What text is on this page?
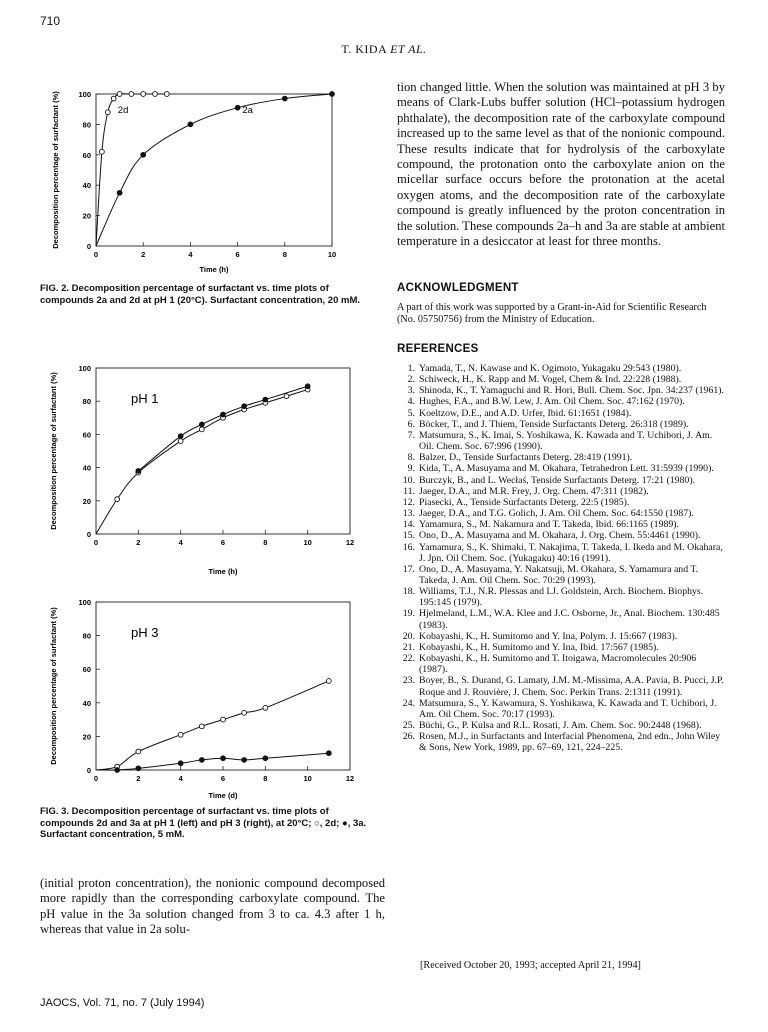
710
T. KIDA ET AL.
0	2	4	6	8	10
0
20
40
60
80
100
Time (h)
Decomposition percentage of surfactant (%)	2d	2a
FIG. 2. Decomposition percentage of surfactant vs. time plots of compounds 2a and 2d at pH 1 (20°C). Surfactant concentration, 20 mM.
0	2	4	6	8	10	12
0
20
40
60
80
100
Time (h)
Decomposition percentage of surfactant (%)	pH 1
0	2	4	6	8	10	12
0
20
40
60
80
100
Time (d)
Decomposition percentage of surfactant (%)	pH 3
FIG. 3. Decomposition percentage of surfactant vs. time plots of compounds 2d and 3a at pH 1 (left) and pH 3 (right), at 20°C; ○, 2d; ●, 3a. Surfactant concentration, 5 mM.
(initial proton concentration), the nonionic compound decomposed more rapidly than the corresponding carboxylate compound. The pH value in the 3a solution changed from 3 to ca. 4.3 after 1 h, whereas that value in 2a solu-
tion changed little. When the solution was maintained at pH 3 by means of Clark-Lubs buffer solution (HCl–potassium hydrogen phthalate), the decomposition rate of the carboxylate compound increased up to the same level as that of the nonionic compound. These results indicate that for hydrolysis of the carboxylate compound, the protonation onto the carboxylate anion on the micellar surface occurs before the protonation at the acetal oxygen atoms, and the decomposition rate of the carboxylate compound is greatly influenced by the proton concentration in the solution. These compounds 2a–h and 3a are stable at ambient temperature in a desiccator at least for three months.
ACKNOWLEDGMENT
A part of this work was supported by a Grant-in-Aid for Scientific Research (No. 05750756) from the Ministry of Education.
REFERENCES
1. Yamada, T., N. Kawase and K. Ogimoto, Yukagaku 29:543 (1980).
2. Schiweck, H., K. Rapp and M. Vogel, Chem & Ind. 22:228 (1988).
3. Shinoda, K., T. Yamaguchi and R. Hori, Bull. Chem. Soc. Jpn. 34:237 (1961).
4. Hughes, F.A., and B.W. Lew, J. Am. Oil Chem. Soc. 47:162 (1970).
5. Koeltzow, D.E., and A.D. Urfer, Ibid. 61:1651 (1984).
6. Böcker, T., and J. Thiem, Tenside Surfactants Deterg. 26:318 (1989).
7. Matsumura, S., K. Imai, S. Yoshikawa, K. Kawada and T. Uchibori, J. Am. Oil. Chem. Soc. 67:996 (1990).
8. Balzer, D., Tenside Surfactants Deterg. 28:419 (1991).
9. Kida, T., A. Masuyama and M. Okahara, Tetrahedron Lett. 31:5939 (1990).
10. Burczyk, B., and L. Wecłaś, Tenside Surfactants Deterg. 17:21 (1980).
11. Jaeger, D.A., and M.R. Frey, J. Org. Chem. 47:311 (1982).
12. Piasecki, A., Tenside Surfactants Deterg. 22:5 (1985).
13. Jaeger, D.A., and T.G. Golich, J. Am. Oil Chem. Soc. 64:1550 (1987).
14. Yamamura, S., M. Nakamura and T. Takeda, Ibid. 66:1165 (1989).
15. Ono, D., A. Masuyama and M. Okahara, J. Org. Chem. 55:4461 (1990).
16. Yamamura, S., K. Shimaki, T. Nakajima, T. Takeda, I. Ikeda and M. Okahara, J. Jpn. Oil Chem. Soc. (Yukagaku) 40:16 (1991).
17. Ono, D., A. Masuyama, Y. Nakatsuji, M. Okahara, S. Yamamura and T. Takeda, J. Am. Oil Chem. Soc. 70:29 (1993).
18. Williams, T.J., N.R. Plessas and I.J. Goldstein, Arch. Biochem. Biophys. 195:145 (1979).
19. Hjelmeland, L.M., W.A. Klee and J.C. Osborne, Jr., Anal. Biochem. 130:485 (1983).
20. Kobayashi, K., H. Sumitomo and Y. Ina, Polym. J. 15:667 (1983).
21. Kobayashi, K., H. Sumitomo and Y. Ina, Ibid. 17:567 (1985).
22. Kobayashi, K., H. Sumitomo and T. Itoigawa, Macromolecules 20:906 (1987).
23. Boyer, B., S. Durand, G. Lamaty, J.M. M.-Missima, A.A. Pavia, B. Pucci, J.P. Roque and J. Rouvière, J. Chem. Soc. Perkin Trans. 2:1311 (1991).
24. Matsumura, S., Y. Kawamura, S. Yoshikawa, K. Kawada and T. Uchibori, J. Am. Oil Chem. Soc. 70:17 (1993).
25. Büchi, G., P. Kulsa and R.L. Rosati, J. Am. Chem. Soc. 90:2448 (1968).
26. Rosen, M.J., in Surfactants and Interfacial Phenomena, 2nd edn., John Wiley & Sons, New York, 1989, pp. 67–69, 121, 224–225.
[Received October 20, 1993; accepted April 21, 1994]
JAOCS, Vol. 71, no. 7 (July 1994)
